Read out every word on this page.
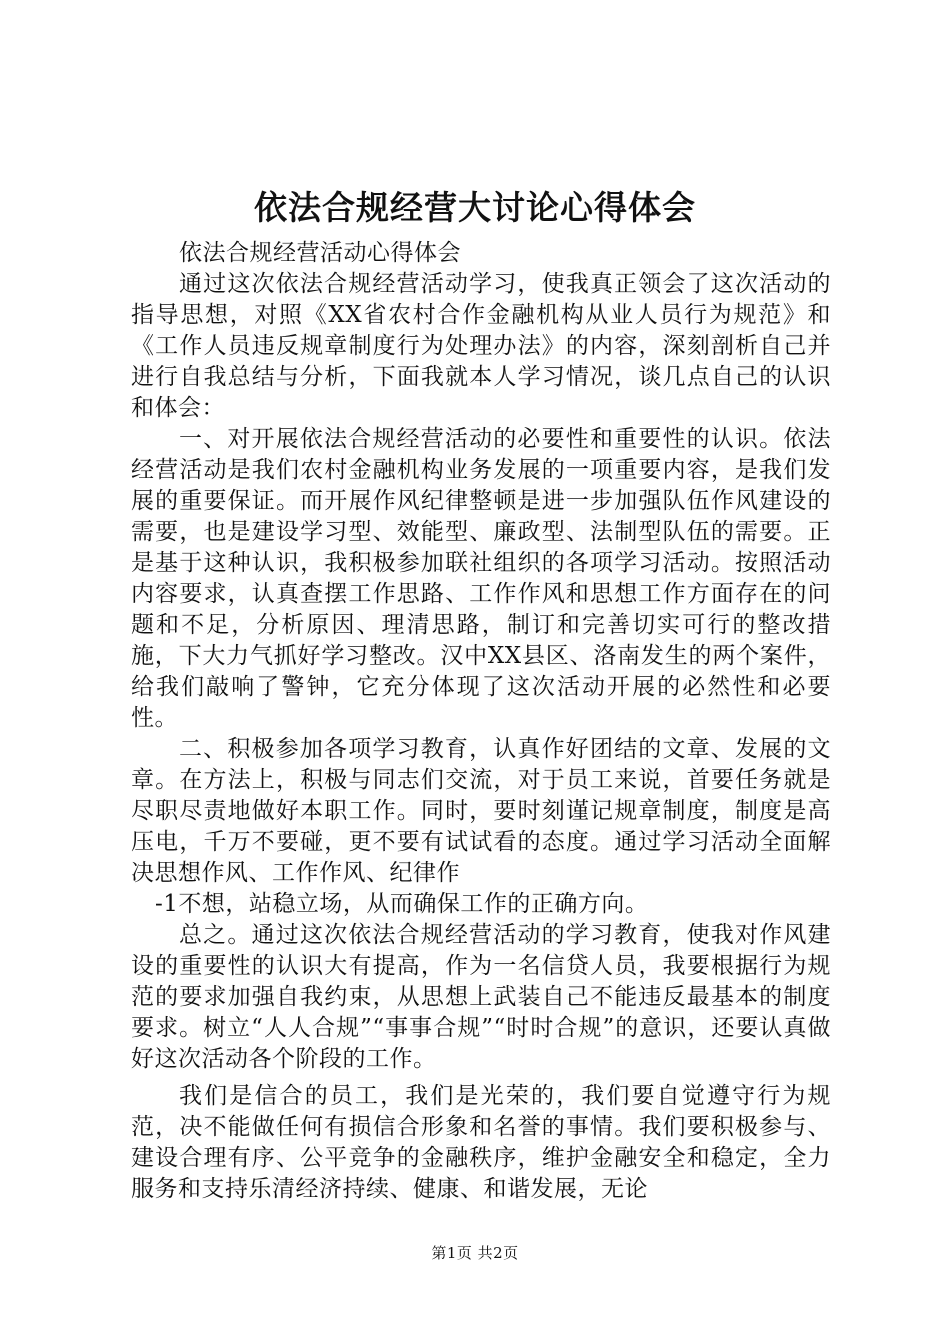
依法合规经营大讨论心得体会

依法合规经营活动心得体会

通过这次依法合规经营活动学习，使我真正领会了这次活动的指导思想，对照《XX省农村合作金融机构从业人员行为规范》和《工作人员违反规章制度行为处理办法》的内容，深刻剖析自己并进行自我总结与分析，下面我就本人学习情况，谈几点自己的认识和体会：

一、对开展依法合规经营活动的必要性和重要性的认识。依法经营活动是我们农村金融机构业务发展的一项重要内容，是我们发展的重要保证。而开展作风纪律整顿是进一步加强队伍作风建设的需要，也是建设学习型、效能型、廉政型、法制型队伍的需要。正是基于这种认识，我积极参加联社组织的各项学习活动。按照活动内容要求，认真查摆工作思路、工作作风和思想工作方面存在的问题和不足，分析原因、理清思路，制订和完善切实可行的整改措施，下大力气抓好学习整改。汉中XX县区、洛南发生的两个案件，给我们敲响了警钟，它充分体现了这次活动开展的必然性和必要性。

二、积极参加各项学习教育，认真作好团结的文章、发展的文章。在方法上，积极与同志们交流，对于员工来说，首要任务就是尽职尽责地做好本职工作。同时，要时刻谨记规章制度，制度是高压电，千万不要碰，更不要有试试看的态度。通过学习活动全面解决思想作风、工作作风、纪律作

-1不想，站稳立场，从而确保工作的正确方向。

总之。通过这次依法合规经营活动的学习教育，使我对作风建设的重要性的认识大有提高，作为一名信贷人员，我要根据行为规范的要求加强自我约束，从思想上武装自己不能违反最基本的制度要求。树立“人人合规”“事事合规”“时时合规”的意识，还要认真做好这次活动各个阶段的工作。

我们是信合的员工，我们是光荣的，我们要自觉遵守行为规范，决不能做任何有损信合形象和名誉的事情。我们要积极参与、建设合理有序、公平竞争的金融秩序，维护金融安全和稳定，全力服务和支持乐清经济持续、健康、和谐发展，无论

第1页 共2页
